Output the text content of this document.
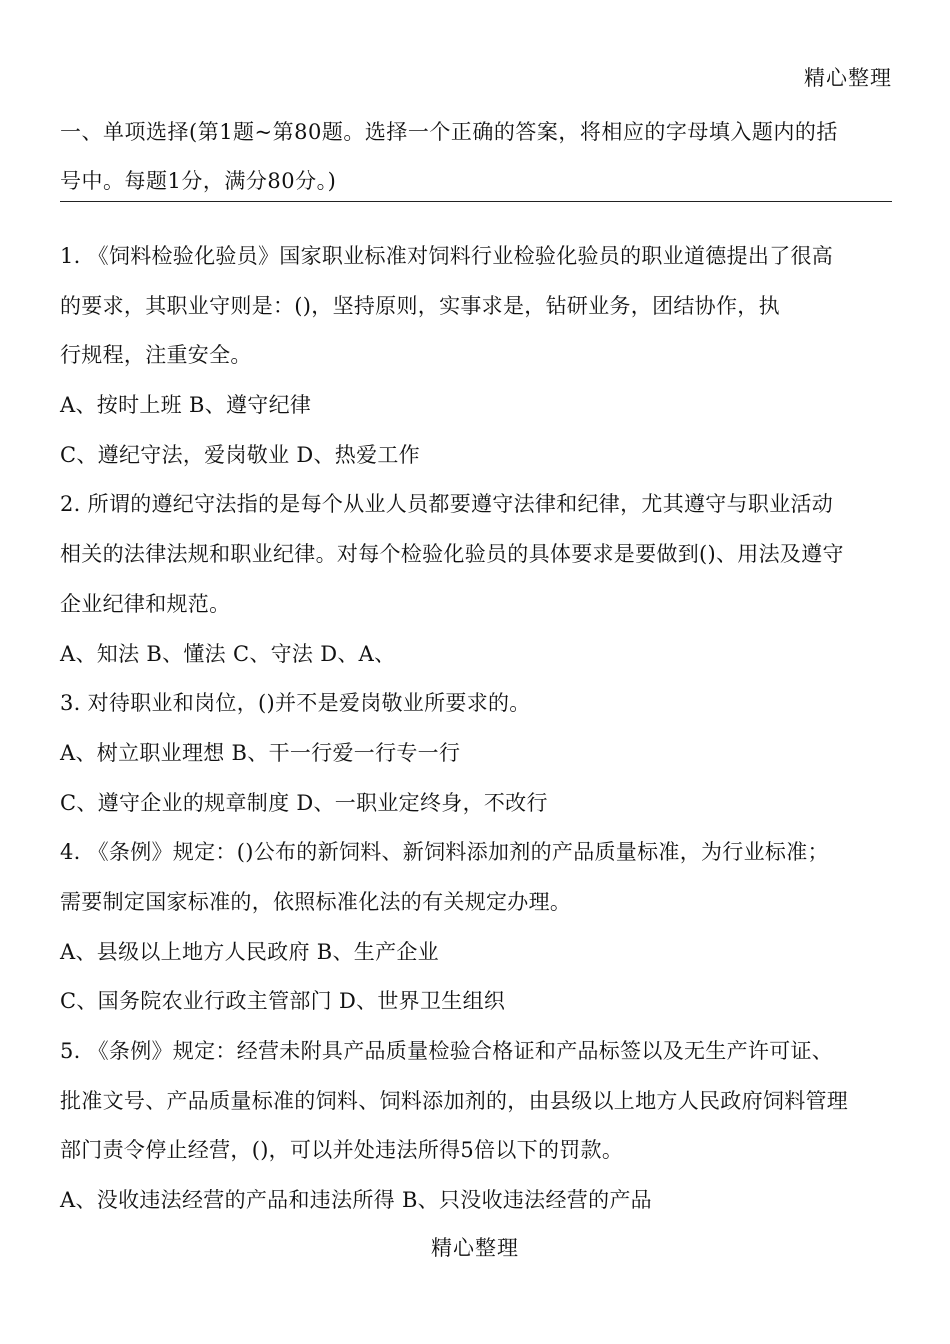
精心整理
一、单项选择(第1题~第80题。选择一个正确的答案，将相应的字母填入题内的括
号中。每题1分，满分80分。)
1. 《饲料检验化验员》国家职业标准对饲料行业检验化验员的职业道德提出了很高
的要求，其职业守则是：()，坚持原则，实事求是，钻研业务，团结协作，执
行规程，注重安全。
A、按时上班 B、遵守纪律
C、遵纪守法，爱岗敬业 D、热爱工作
2. 所谓的遵纪守法指的是每个从业人员都要遵守法律和纪律，尤其遵守与职业活动
相关的法律法规和职业纪律。对每个检验化验员的具体要求是要做到()、用法及遵守
企业纪律和规范。
A、知法 B、懂法 C、守法 D、A、
3. 对待职业和岗位，()并不是爱岗敬业所要求的。
A、树立职业理想 B、干一行爱一行专一行
C、遵守企业的规章制度 D、一职业定终身，不改行
4. 《条例》规定：()公布的新饲料、新饲料添加剂的产品质量标准，为行业标准；
需要制定国家标准的，依照标准化法的有关规定办理。
A、县级以上地方人民政府 B、生产企业
C、国务院农业行政主管部门 D、世界卫生组织
5. 《条例》规定：经营未附具产品质量检验合格证和产品标签以及无生产许可证、
批准文号、产品质量标准的饲料、饲料添加剂的，由县级以上地方人民政府饲料管理
部门责令停止经营，()，可以并处违法所得5倍以下的罚款。
A、没收违法经营的产品和违法所得 B、只没收违法经营的产品
精心整理
